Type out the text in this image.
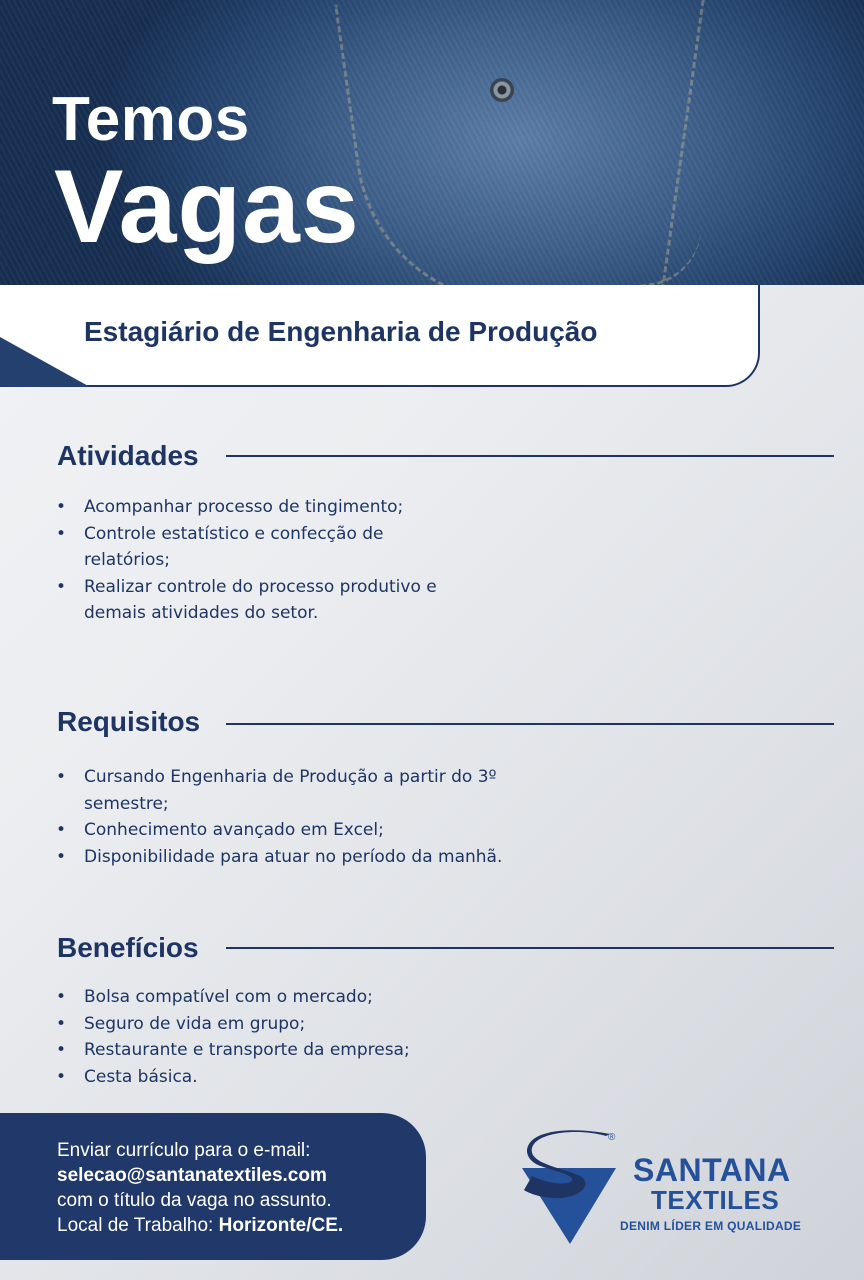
Temos
Vagas
Estagiário de Engenharia de Produção
Atividades
• Acompanhar processo de tingimento;
• Controle estatístico e confecção de relatórios;
• Realizar controle do processo produtivo e demais atividades do setor.
Requisitos
• Cursando Engenharia de Produção a partir do 3º semestre;
• Conhecimento avançado em Excel;
• Disponibilidade para atuar no período da manhã.
Benefícios
• Bolsa compatível com o mercado;
• Seguro de vida em grupo;
• Restaurante e transporte da empresa;
• Cesta básica.
Enviar currículo para o e-mail:
selecao@santanatextiles.com
com o título da vaga no assunto.
Local de Trabalho: Horizonte/CE.
®
SANTANA
TEXTILES
DENIM LÍDER EM QUALIDADE
